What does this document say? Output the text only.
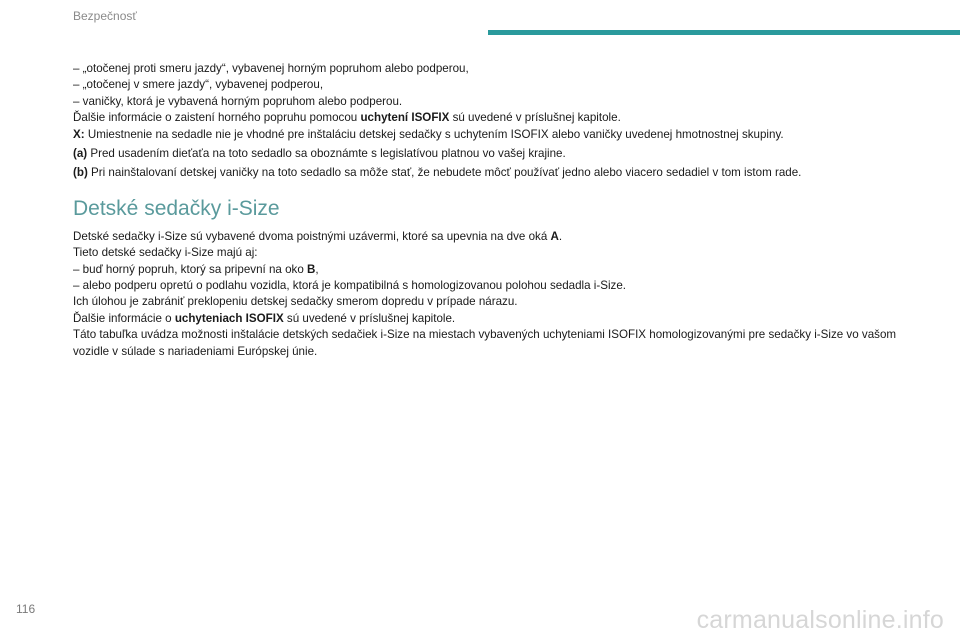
Bezpečnosť

– „otočenej proti smeru jazdy“, vybavenej horným popruhom alebo podperou,

– „otočenej v smere jazdy“, vybavenej podperou,

– vaničky, ktorá je vybavená horným popruhom alebo podperou.

Ďalšie informácie o zaistení horného popruhu pomocou uchytení ISOFIX sú uvedené v príslušnej kapitole.

X: Umiestnenie na sedadle nie je vhodné pre inštaláciu detskej sedačky s uchytením ISOFIX alebo vaničky uvedenej hmotnostnej skupiny.

(a) Pred usadením dieťaťa na toto sedadlo sa oboznámte s legislatívou platnou vo vašej krajine.

(b) Pri nainštalovaní detskej vaničky na toto sedadlo sa môže stať, že nebudete môcť používať jedno alebo viacero sedadiel v tom istom rade.

Detské sedačky i-Size

Detské sedačky i-Size sú vybavené dvoma poistnými uzávermi, ktoré sa upevnia na dve oká A.

Tieto detské sedačky i-Size majú aj:

– buď horný popruh, ktorý sa pripevní na oko B,

– alebo podperu opretú o podlahu vozidla, ktorá je kompatibilná s homologizovanou polohou sedadla i-Size.

Ich úlohou je zabrániť preklopeniu detskej sedačky smerom dopredu v prípade nárazu.

Ďalšie informácie o uchyteniach ISOFIX sú uvedené v príslušnej kapitole.

Táto tabuľka uvádza možnosti inštalácie detských sedačiek i-Size na miestach vybavených uchyteniami ISOFIX homologizovanými pre sedačky i-Size vo vašom vozidle v súlade s nariadeniami Európskej únie.

116	carmanualsonline.info
